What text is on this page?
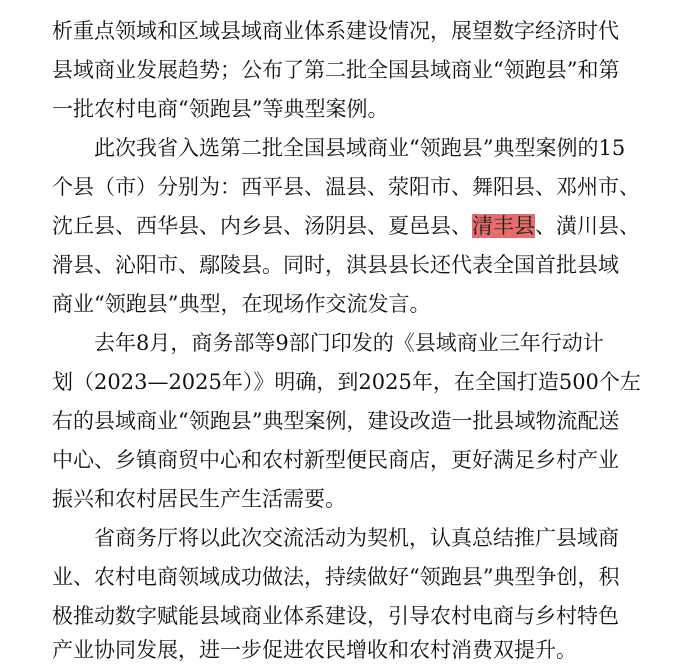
析重点领域和区域县域商业体系建设情况，展望数字经济时代
县域商业发展趋势；公布了第二批全国县域商业“领跑县”和第
一批农村电商“领跑县”等典型案例。
此次我省入选第二批全国县域商业“领跑县”典型案例的15
个县（市）分别为：西平县、温县、荥阳市、舞阳县、邓州市、
沈丘县、西华县、内乡县、汤阴县、夏邑县、清丰县、潢川县、
滑县、沁阳市、鄢陵县。同时，淇县县长还代表全国首批县域
商业“领跑县”典型，在现场作交流发言。
去年8月，商务部等9部门印发的《县域商业三年行动计
划（2023—2025年）》明确，到2025年，在全国打造500个左
右的县域商业“领跑县”典型案例，建设改造一批县域物流配送
中心、乡镇商贸中心和农村新型便民商店，更好满足乡村产业
振兴和农村居民生产生活需要。
省商务厅将以此次交流活动为契机，认真总结推广县域商
业、农村电商领域成功做法，持续做好“领跑县”典型争创，积
极推动数字赋能县域商业体系建设，引导农村电商与乡村特色
产业协同发展，进一步促进农民增收和农村消费双提升。
